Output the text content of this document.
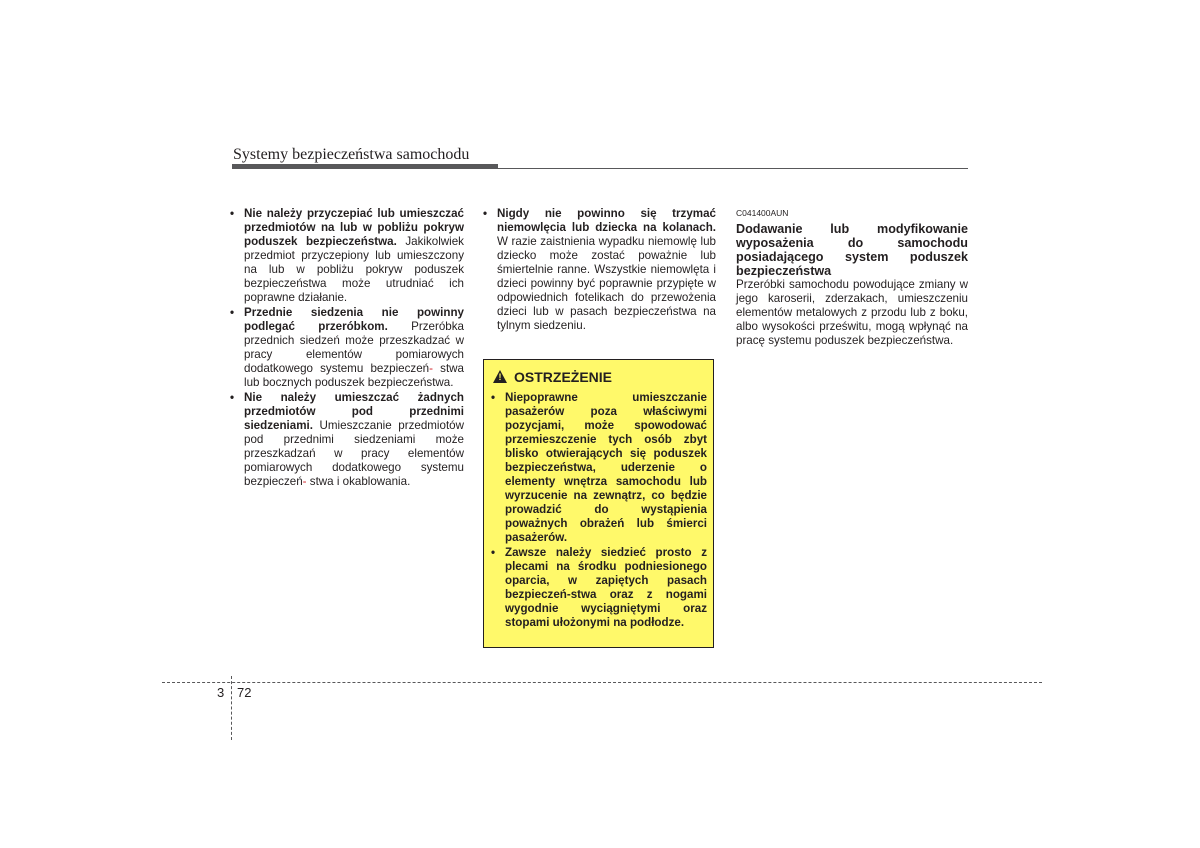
Systemy bezpieczeństwa samochodu

• Nie należy przyczepiać lub umieszczać przedmiotów na lub w pobliżu pokryw poduszek bezpieczeństwa. Jakikolwiek przedmiot przyczepiony lub umieszczony na lub w pobliżu pokryw poduszek bezpieczeństwa może utrudniać ich poprawne działanie.

• Przednie siedzenia nie powinny podlegać przeróbkom. Przeróbka przednich siedzeń może przeszkadzać w pracy elementów pomiarowych dodatkowego systemu bezpieczeń- stwa lub bocznych poduszek bezpieczeństwa.

• Nie należy umieszczać żadnych przedmiotów pod przednimi siedzeniami. Umieszczanie przedmiotów pod przednimi siedzeniami może przeszkadzań w pracy elementów pomiarowych dodatkowego systemu bezpieczeń- stwa i okablowania.

• Nigdy nie powinno się trzymać niemowlęcia lub dziecka na kolanach. W razie zaistnienia wypadku niemowlę lub dziecko może zostać poważnie lub śmiertelnie ranne. Wszystkie niemowlęta i dzieci powinny być poprawnie przypięte w odpowiednich fotelikach do przewożenia dzieci lub w pasach bezpieczeństwa na tylnym siedzeniu.

! OSTRZEŻENIE

• Niepoprawne umieszczanie pasażerów poza właściwymi pozycjami, może spowodować przemieszczenie tych osób zbyt blisko otwierających się poduszek bezpieczeństwa, uderzenie o elementy wnętrza samochodu lub wyrzucenie na zewnątrz, co będzie prowadzić do wystąpienia poważnych obrażeń lub śmierci pasażerów.

• Zawsze należy siedzieć prosto z plecami na środku podniesionego oparcia, w zapiętych pasach bezpieczeń-stwa oraz z nogami wygodnie wyciągniętymi oraz stopami ułożonymi na podłodze.

C041400AUN
Dodawanie lub modyfikowanie wyposażenia do samochodu posiadającego system poduszek bezpieczeństwa
Przeróbki samochodu powodujące zmiany w jego karoserii, zderzakach, umieszczeniu elementów metalowych z przodu lub z boku, albo wysokości prześwitu, mogą wpłynąć na pracę systemu poduszek bezpieczeństwa.
3 72
